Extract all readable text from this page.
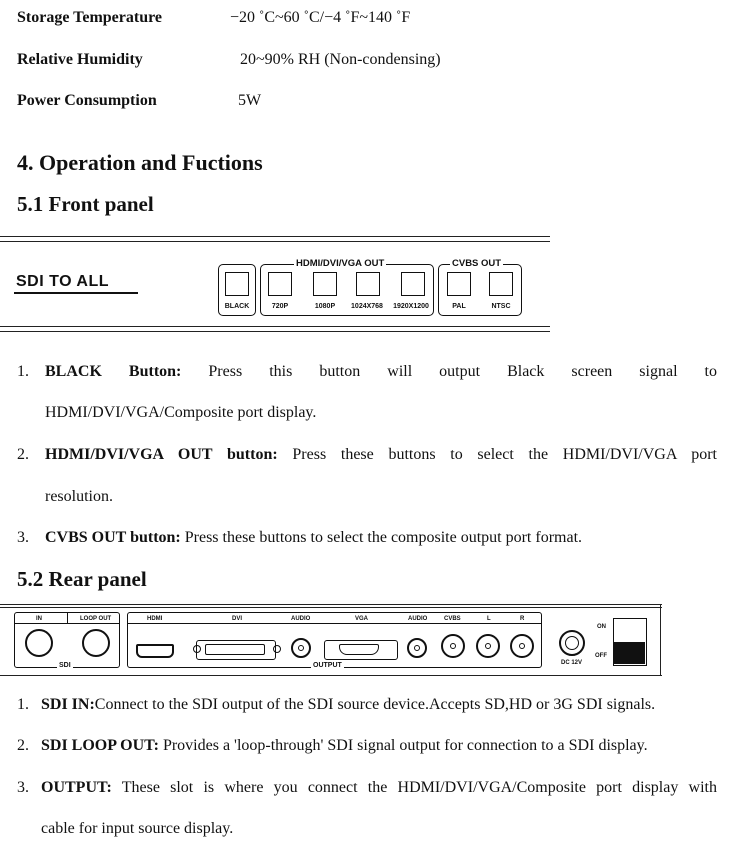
Storage Temperature	−20 ˚C~60 ˚C/−4 ˚F~140 ˚F
Relative Humidity	20~90% RH (Non-condensing)
Power Consumption	5W
4. Operation and Fuctions
5.1 Front panel
SDI TO ALL
BLACK
HDMI/DVI/VGA OUT
720P	1080P	1024X768	1920X1200
CVBS OUT
PAL	NTSC
1. BLACK Button: Press this button will output Black screen signal to
HDMI/DVI/VGA/Composite port display.
2. HDMI/DVI/VGA OUT button: Press these buttons to select the HDMI/DVI/VGA port
resolution.
3. CVBS OUT button: Press these buttons to select the composite output port format.
5.2 Rear panel
IN	LOOP OUT
SDI
HDMI	DVI	AUDIO	VGA	AUDIO	CVBS	L	R
OUTPUT	DC 12V
ON
OFF
1. SDI IN:Connect to the SDI output of the SDI source device.Accepts SD,HD or 3G SDI signals.
2. SDI LOOP OUT: Provides a 'loop-through' SDI signal output for connection to a SDI display.
3. OUTPUT: These slot is where you connect the HDMI/DVI/VGA/Composite port display with
cable for input source display.
